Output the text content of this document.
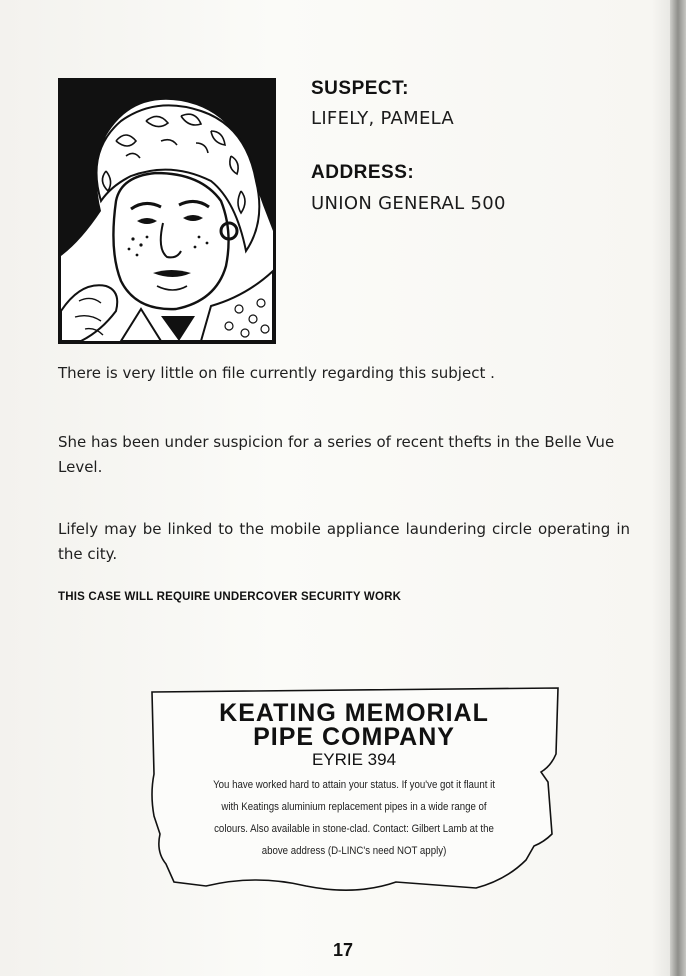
SUSPECT:
LIFELY, PAMELA
ADDRESS:
UNION GENERAL 500

There is very little on file currently regarding this subject .

She has been under suspicion for a series of recent thefts in the Belle Vue Level.

Lifely may be linked to the mobile appliance laundering circle operating in the city.

THIS CASE WILL REQUIRE UNDERCOVER SECURITY WORK
KEATING MEMORIAL
PIPE COMPANY
EYRIE 394
You have worked hard to attain your status. If you've got it flaunt it
with Keatings aluminium replacement pipes in a wide range of
colours. Also available in stone-clad. Contact: Gilbert Lamb at the
above address (D-LINC's need NOT apply)
17
